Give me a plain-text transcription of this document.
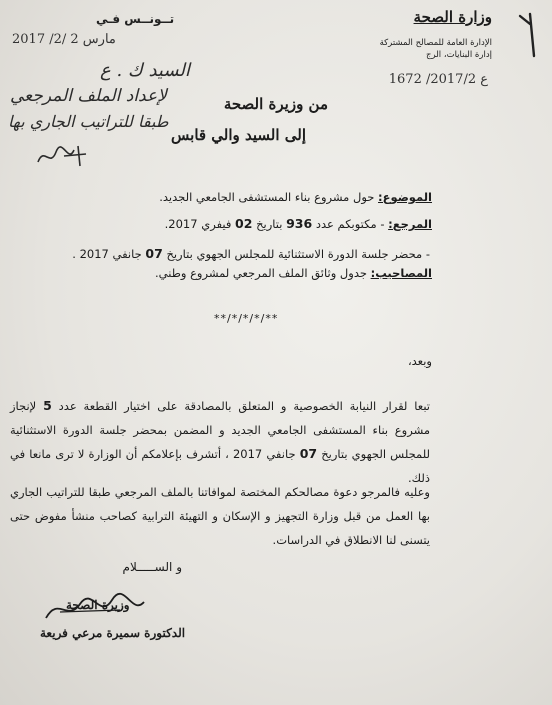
تــونــس فـي
2017 /2/ 2 مارس
السيد ك . ع
لإعداد الملف المرجعي
طبقا للتراتيب الجاري بها
وزارة الصحة
الإدارة العامة للمصالح المشتركة
إدارة البنايات، الرج
ع 2017/2/ 1672
من وزيرة الصحة
إلى السيد والي قابس
الموضوع: حول مشروع بناء المستشفى الجامعي الجديد.
المرجع: - مكتوبكم عدد 936 بتاريخ 02 فيفري 2017.
- محضر جلسة الدورة الاستثنائية للمجلس الجهوي بتاريخ 07 جانفي 2017 .
المصاحيب: جدول وثائق الملف المرجعي لمشروع وطني.
**/*/*/*/**
وبعد،
تبعا لقرار النيابة الخصوصية و المتعلق بالمصادقة على اختيار القطعة عدد 5 لإنجاز مشروع بناء المستشفى الجامعي الجديد و المضمن بمحضر جلسة الدورة الاستثنائية للمجلس الجهوي بتاريخ 07 جانفي 2017 ، أتشرف بإعلامكم أن الوزارة لا ترى مانعا في ذلك.
وعليه فالمرجو دعوة مصالحكم المختصة لموافاتنا بالملف المرجعي طبقا للتراتيب الجاري بها العمل من قبل وزارة التجهيز و الإسكان و التهيئة الترابية كصاحب منشأ مفوض حتى يتسنى لنا الانطلاق في الدراسات.
و الســـــلام
وزيرة الصحة
الدكتورة سميرة مرعي فريعة
